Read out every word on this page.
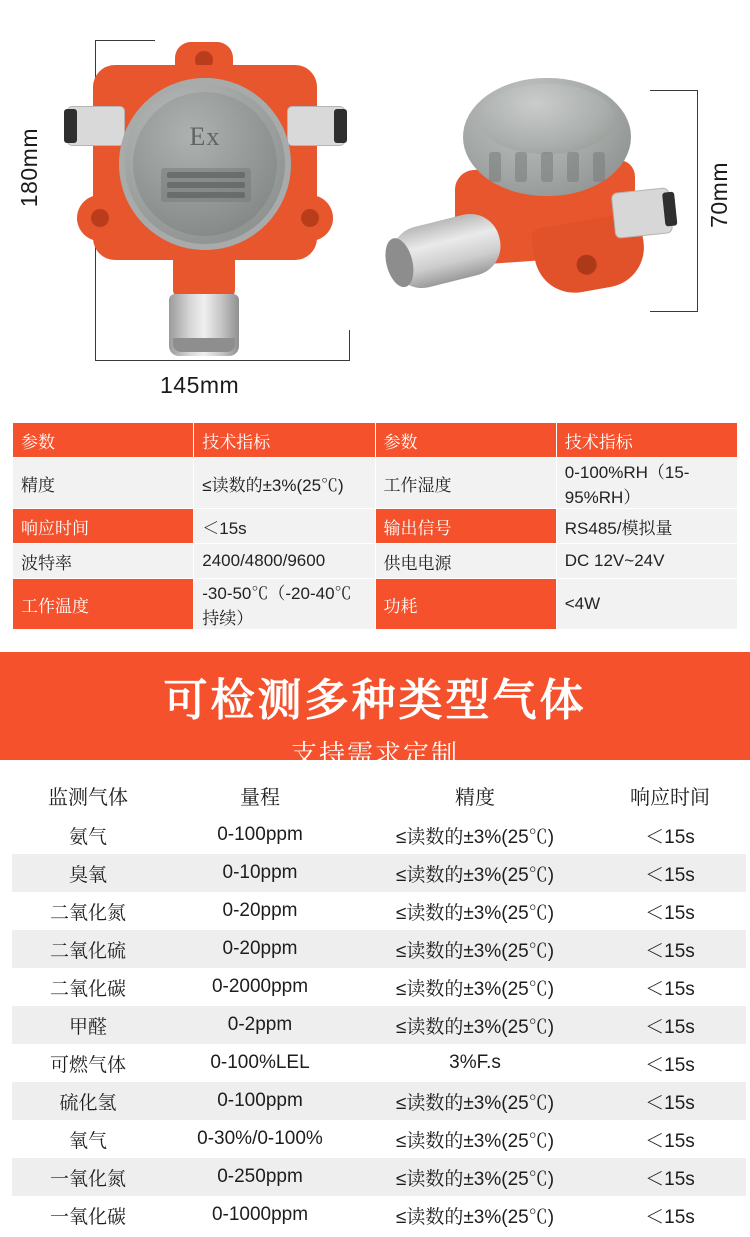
180mm	70mm
145mm
Ex
参数	技术指标	参数	技术指标
精度	≤读数的±3%(25℃)	工作湿度	0-100%RH（15-95%RH）
响应时间	＜15s	输出信号	RS485/模拟量
波特率	2400/4800/9600	供电电源	DC 12V~24V
工作温度	-30-50℃（-20-40℃持续）	功耗	<4W
可检测多种类型气体
支持需求定制
监测气体	量程	精度	响应时间
氨气	0-100ppm	≤读数的±3%(25℃)	＜15s
臭氧	0-10ppm	≤读数的±3%(25℃)	＜15s
二氧化氮	0-20ppm	≤读数的±3%(25℃)	＜15s
二氧化硫	0-20ppm	≤读数的±3%(25℃)	＜15s
二氧化碳	0-2000ppm	≤读数的±3%(25℃)	＜15s
甲醛	0-2ppm	≤读数的±3%(25℃)	＜15s
可燃气体	0-100%LEL	3%F.s	＜15s
硫化氢	0-100ppm	≤读数的±3%(25℃)	＜15s
氧气	0-30%/0-100%	≤读数的±3%(25℃)	＜15s
一氧化氮	0-250ppm	≤读数的±3%(25℃)	＜15s
一氧化碳	0-1000ppm	≤读数的±3%(25℃)	＜15s
